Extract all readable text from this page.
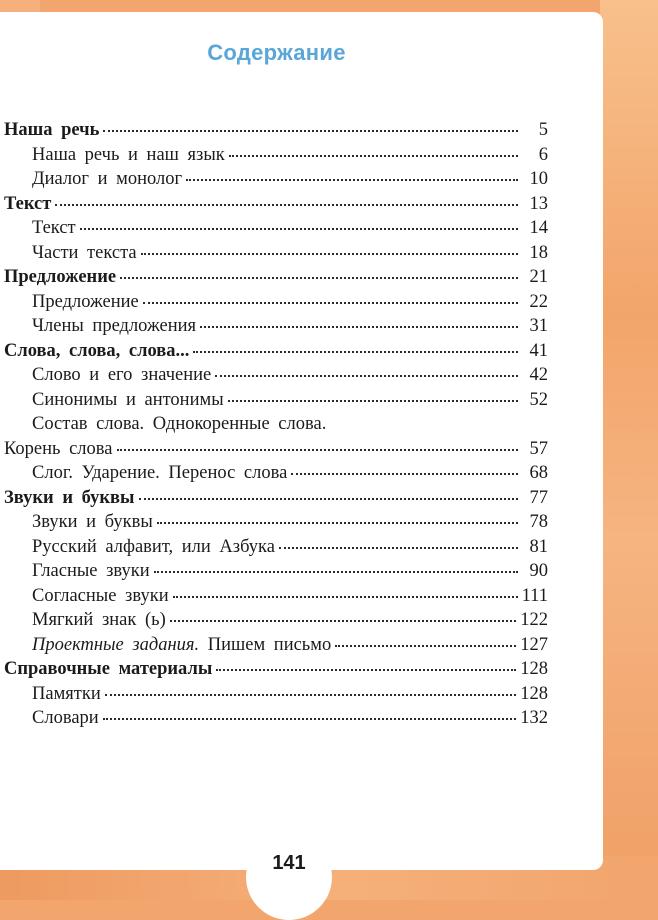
Содержание
Наша речь	5
Наша речь и наш язык	6
Диалог и монолог	10
Текст	13
Текст	14
Части текста	18
Предложение	21
Предложение	22
Члены предложения	31
Слова, слова, слова...	41
Слово и его значение	42
Синонимы и антонимы	52
Состав слова. Однокоренные слова.
Корень слова	57
Слог. Ударение. Перенос слова	68
Звуки и буквы	77
Звуки и буквы	78
Русский алфавит, или Азбука	81
Гласные звуки	90
Согласные звуки	111
Мягкий знак (ь)	122
Проектные задания. Пишем письмо	127
Справочные материалы	128
Памятки	128
Словари	132
141
